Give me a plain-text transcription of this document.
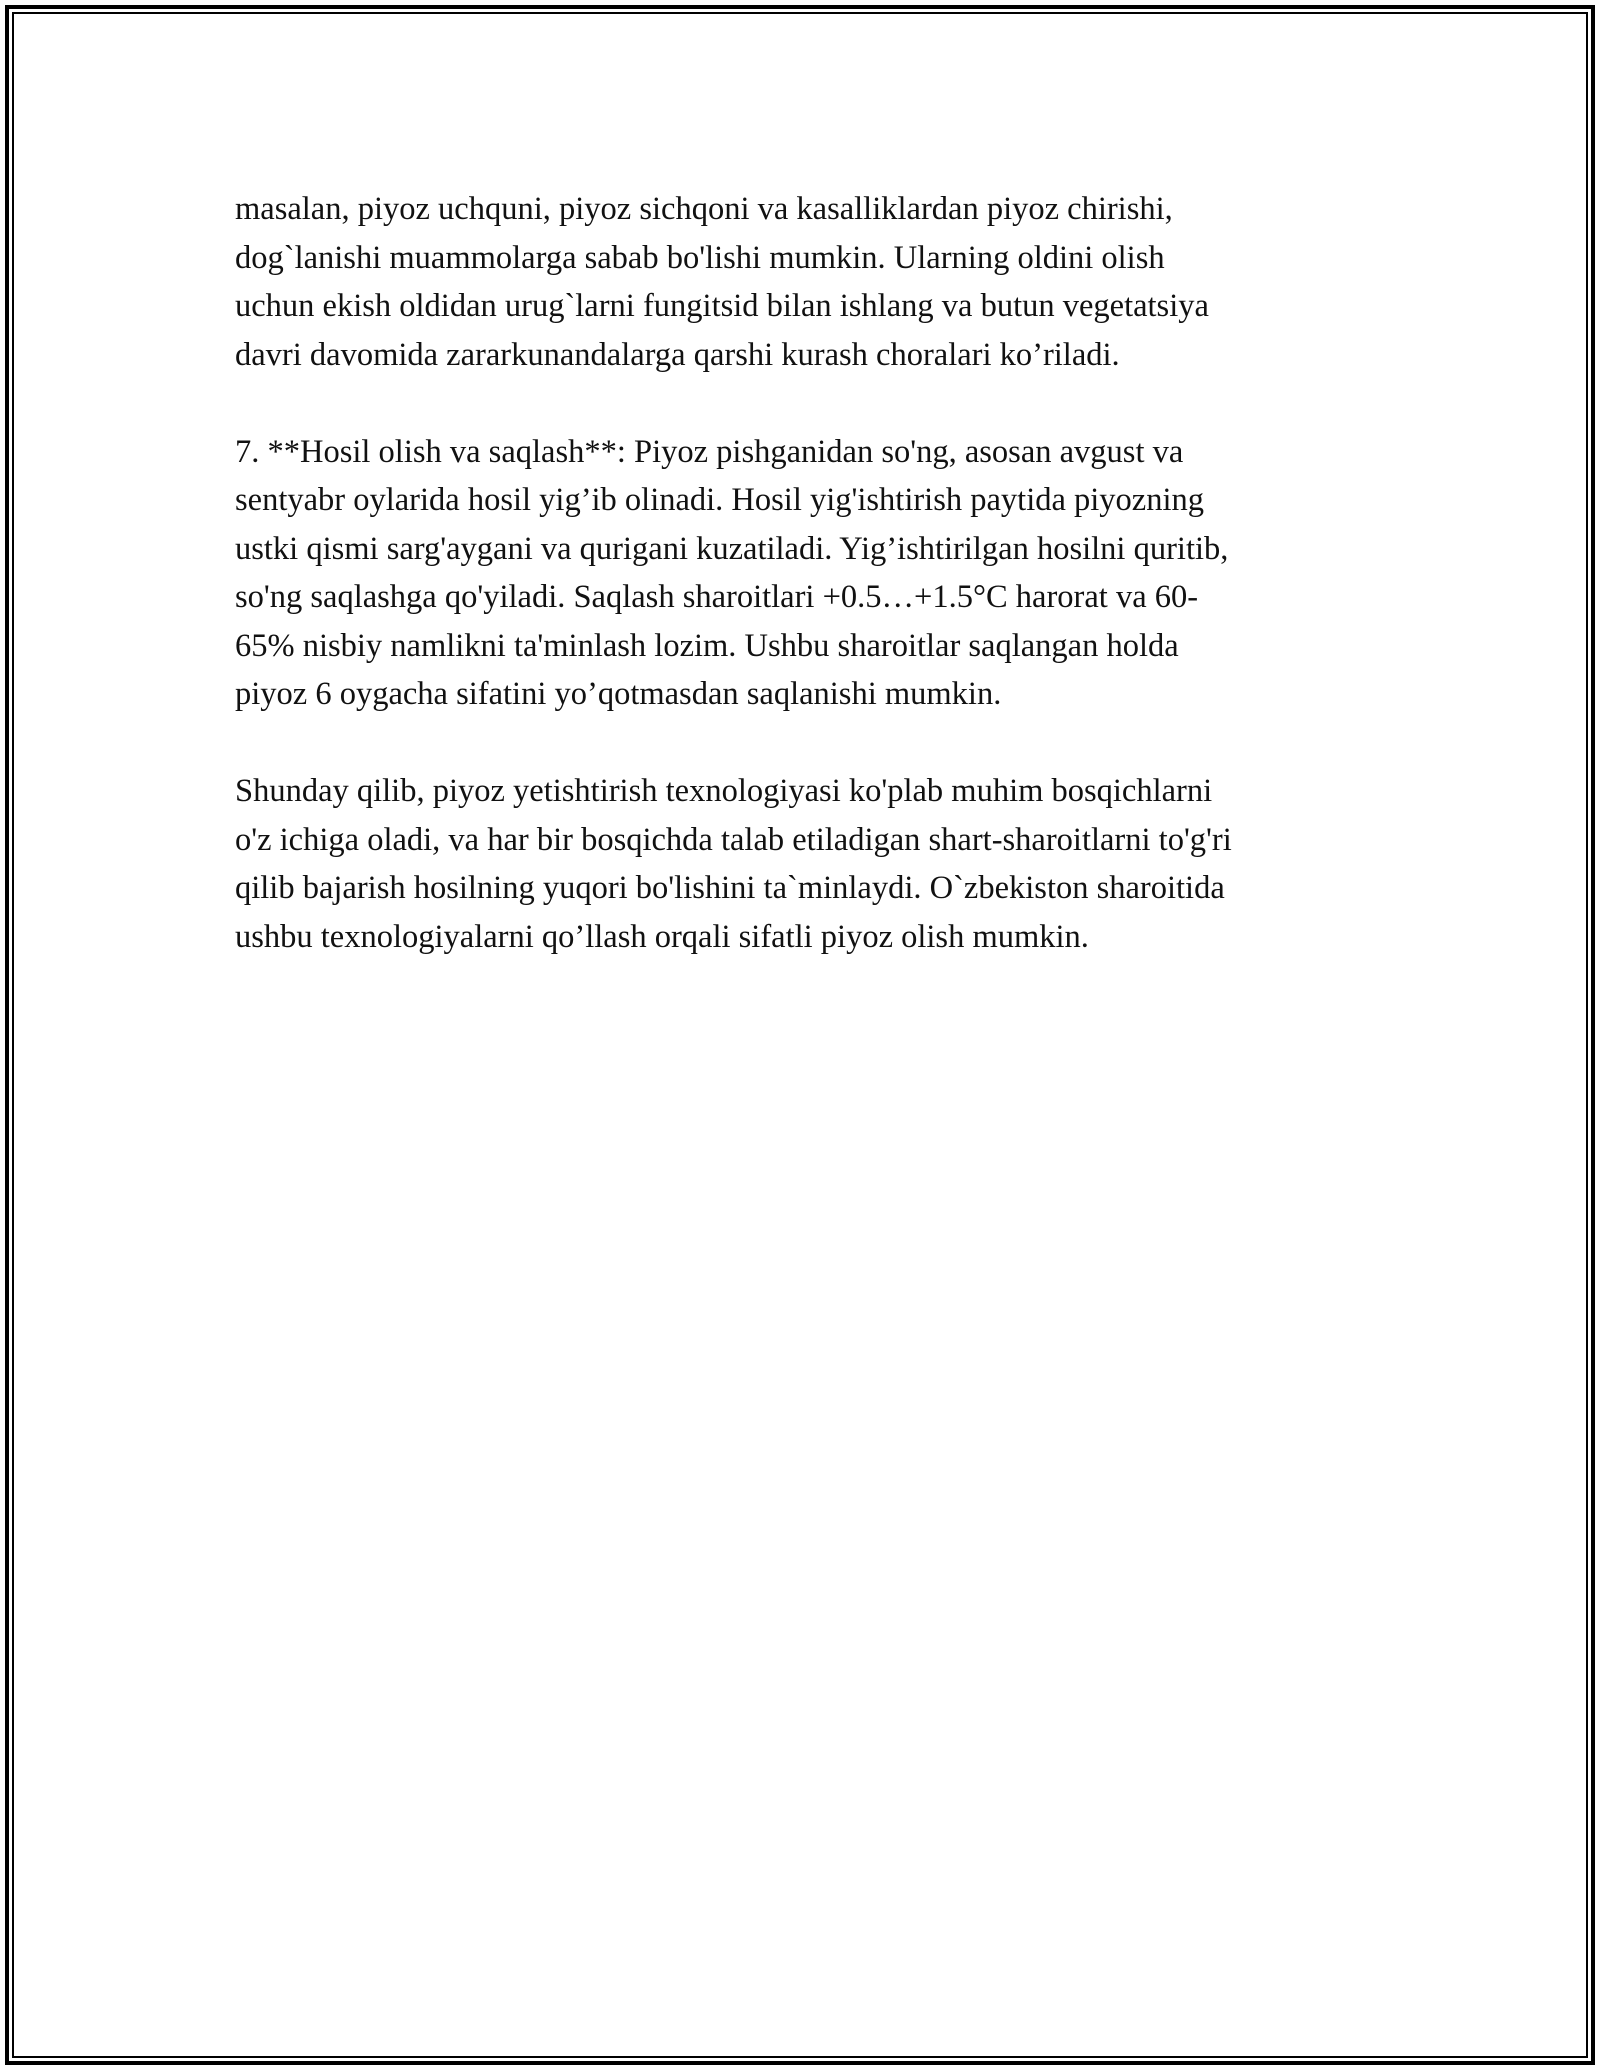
masalan, piyoz uchquni, piyoz sichqoni va kasalliklardan piyoz chirishi,
dog`lanishi muammolarga sabab bo'lishi mumkin. Ularning oldini olish
uchun ekish oldidan urug`larni fungitsid bilan ishlang va butun vegetatsiya
davri davomida zararkunandalarga qarshi kurash choralari ko’riladi.

7. **Hosil olish va saqlash**: Piyoz pishganidan so'ng, asosan avgust va
sentyabr oylarida hosil yig’ib olinadi. Hosil yig'ishtirish paytida piyozning
ustki qismi sarg'aygani va qurigani kuzatiladi. Yig’ishtirilgan hosilni quritib,
so'ng saqlashga qo'yiladi. Saqlash sharoitlari +0.5…+1.5°C harorat va 60-
65% nisbiy namlikni ta'minlash lozim. Ushbu sharoitlar saqlangan holda
piyoz 6 oygacha sifatini yo’qotmasdan saqlanishi mumkin.

Shunday qilib, piyoz yetishtirish texnologiyasi ko'plab muhim bosqichlarni
o'z ichiga oladi, va har bir bosqichda talab etiladigan shart-sharoitlarni to'g'ri
qilib bajarish hosilning yuqori bo'lishini ta`minlaydi. O`zbekiston sharoitida
ushbu texnologiyalarni qo’llash orqali sifatli piyoz olish mumkin.
